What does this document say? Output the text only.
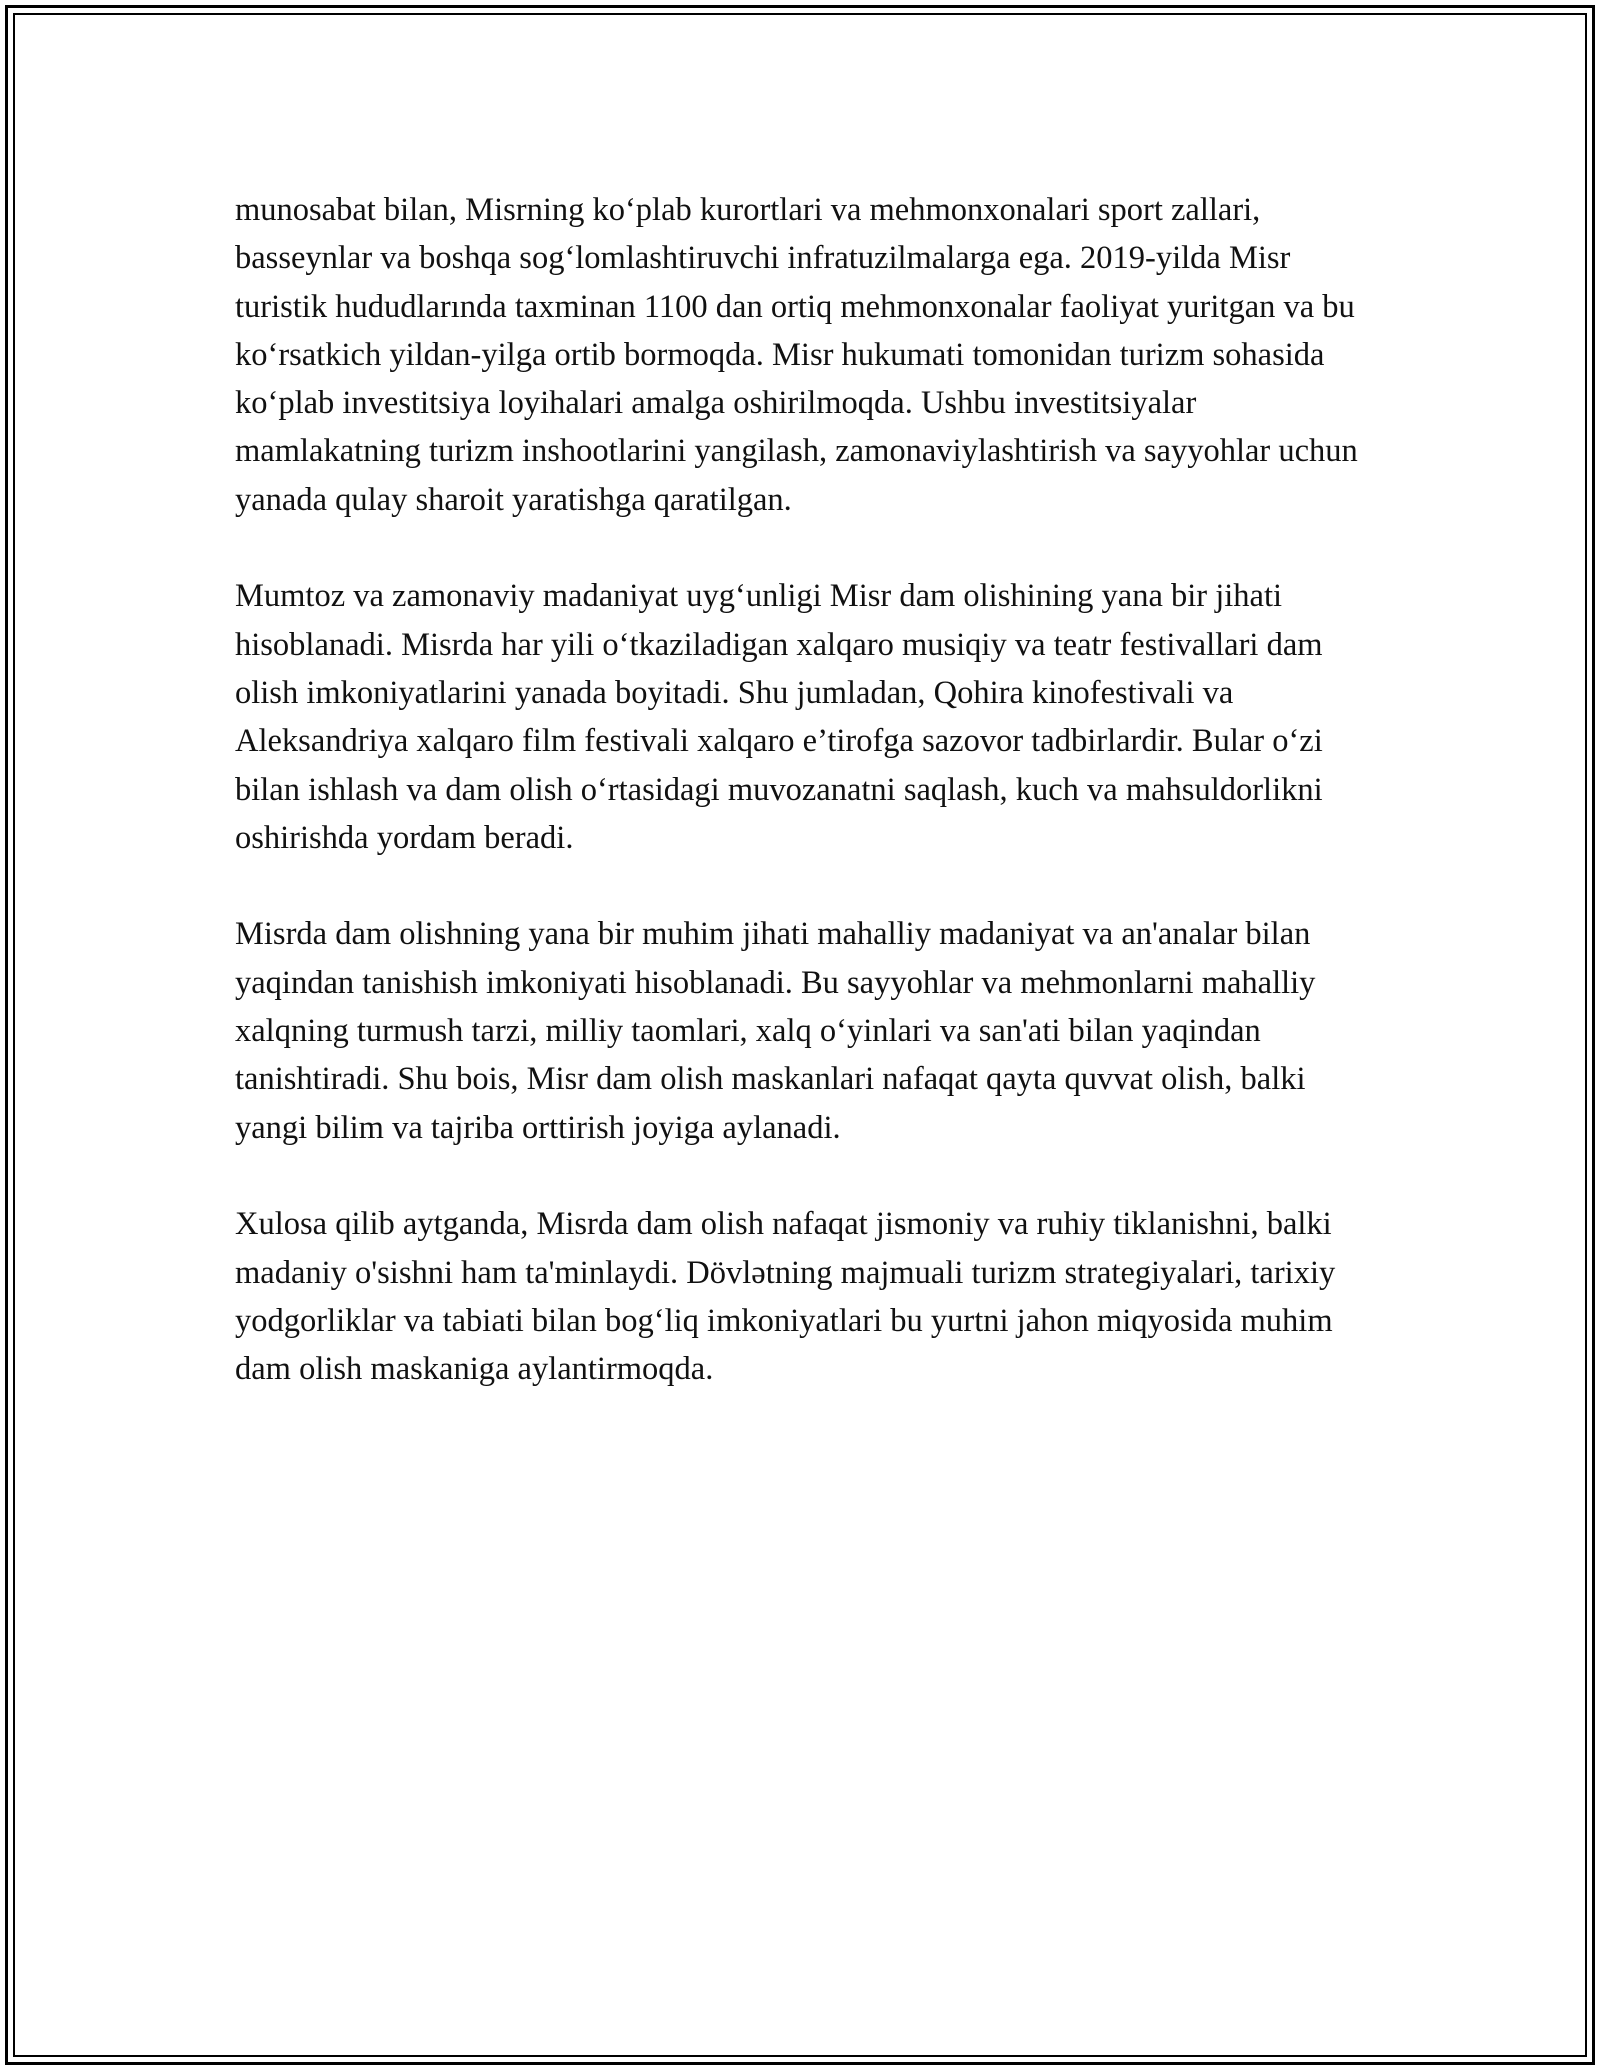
munosabat bilan, Misrning ko‘plab kurortlari va mehmonxonalari sport zallari, basseynlar va boshqa sog‘lomlashtiruvchi infratuzilmalarga ega. 2019-yilda Misr turistik hududlarında taxminan 1100 dan ortiq mehmonxonalar faoliyat yuritgan va bu ko‘rsatkich yildan-yilga ortib bormoqda. Misr hukumati tomonidan turizm sohasida ko‘plab investitsiya loyihalari amalga oshirilmoqda. Ushbu investitsiyalar mamlakatning turizm inshootlarini yangilash, zamonaviylashtirish va sayyohlar uchun yanada qulay sharoit yaratishga qaratilgan.

Mumtoz va zamonaviy madaniyat uyg‘unligi Misr dam olishining yana bir jihati hisoblanadi. Misrda har yili o‘tkaziladigan xalqaro musiqiy va teatr festivallari dam olish imkoniyatlarini yanada boyitadi. Shu jumladan, Qohira kinofestivali va Aleksandriya xalqaro film festivali xalqaro e’tirofga sazovor tadbirlardir. Bular o‘zi bilan ishlash va dam olish o‘rtasidagi muvozanatni saqlash, kuch va mahsuldorlikni oshirishda yordam beradi.

Misrda dam olishning yana bir muhim jihati mahalliy madaniyat va an'analar bilan yaqindan tanishish imkoniyati hisoblanadi. Bu sayyohlar va mehmonlarni mahalliy xalqning turmush tarzi, milliy taomlari, xalq o‘yinlari va san'ati bilan yaqindan tanishtiradi. Shu bois, Misr dam olish maskanlari nafaqat qayta quvvat olish, balki yangi bilim va tajriba orttirish joyiga aylanadi.

Xulosa qilib aytganda, Misrda dam olish nafaqat jismoniy va ruhiy tiklanishni, balki madaniy o'sishni ham ta'minlaydi. Dövlətning majmuali turizm strategiyalari, tarixiy yodgorliklar va tabiati bilan bog‘liq imkoniyatlari bu yurtni jahon miqyosida muhim dam olish maskaniga aylantirmoqda.
